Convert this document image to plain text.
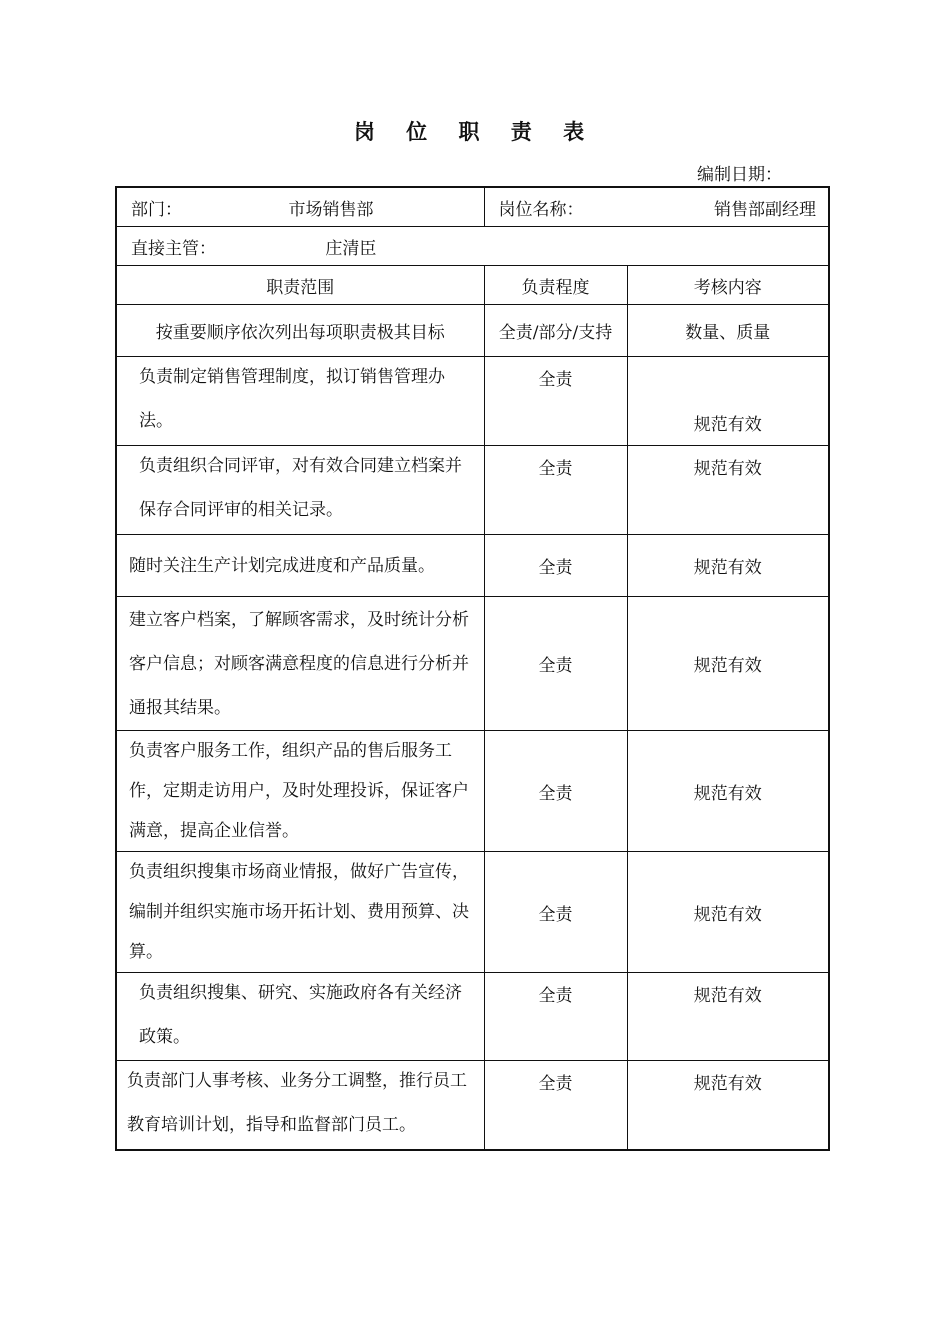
岗 位 职 责 表
编制日期：
部门： 市场销售部	岗位名称： 销售部副经理	

直接主管： 庄清臣		

职责范围	负责程度	考核内容
按重要顺序依次列出每项职责极其目标	全责/部分/支持	数量、质量

负责制定销售管理制度，拟订销售管理办法。	全责	规范有效

负责组织合同评审，对有效合同建立档案并保存合同评审的相关记录。	全责	规范有效

随时关注生产计划完成进度和产品质量。	全责	规范有效

建立客户档案，了解顾客需求，及时统计分析客户信息；对顾客满意程度的信息进行分析并通报其结果。	全责	规范有效

负责客户服务工作，组织产品的售后服务工作，定期走访用户，及时处理投诉，保证客户满意，提高企业信誉。	全责	规范有效

负责组织搜集市场商业情报，做好广告宣传，编制并组织实施市场开拓计划、费用预算、决算。	全责	规范有效

负责组织搜集、研究、实施政府各有关经济政策。	全责	规范有效

负责部门人事考核、业务分工调整，推行员工教育培训计划，指导和监督部门员工。	全责	规范有效
